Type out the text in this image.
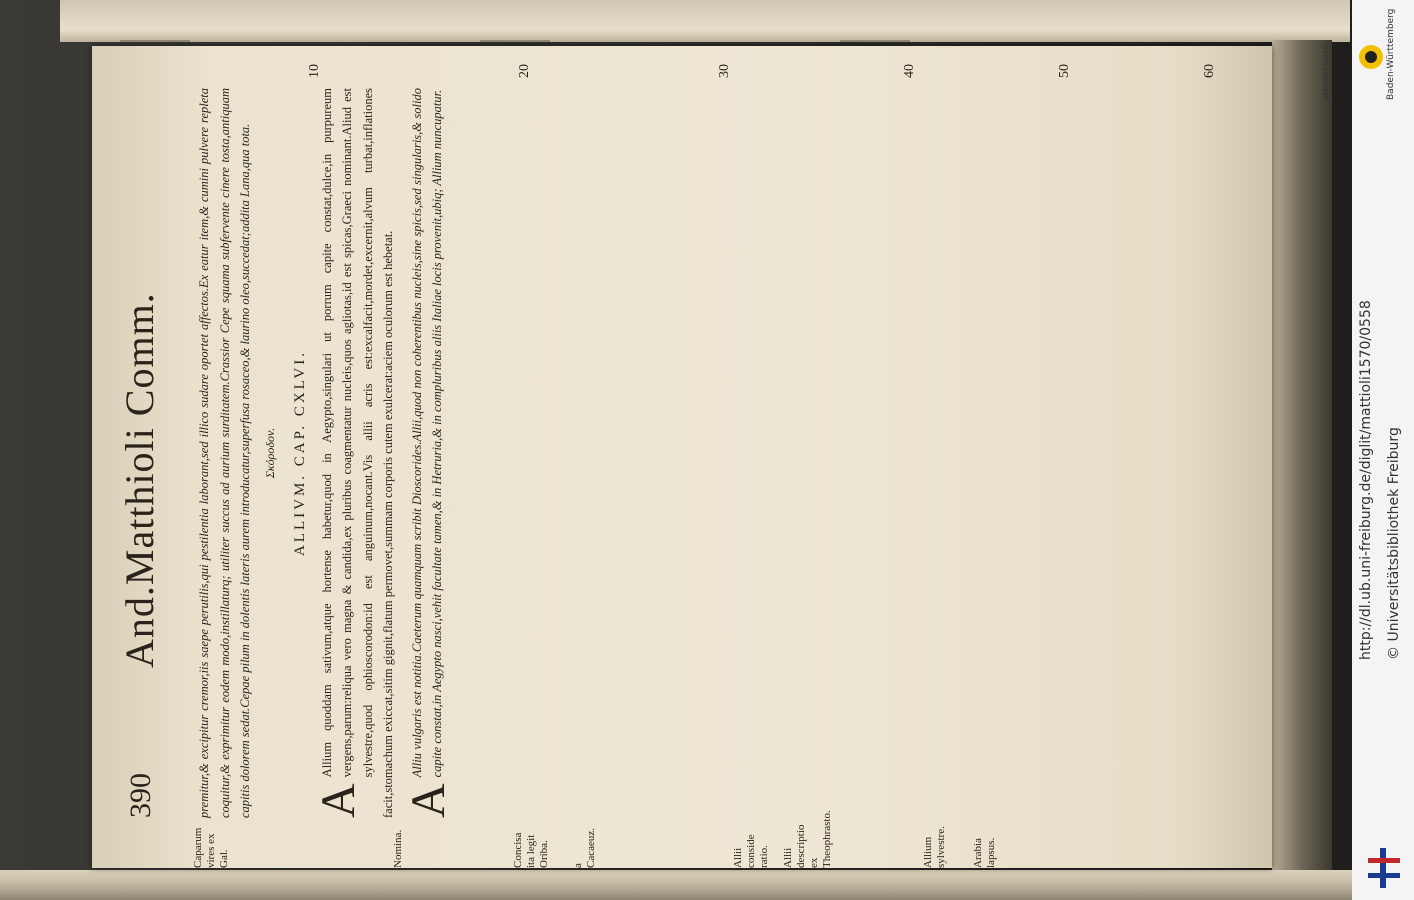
390
And.Matthioli Comm.	premitur,& excipitur cremor,iis saepe perutilis,qui pestilentia laborant,sed illico sudare oportet affectos.Ex eatur item,& cumini pulvere repleta coquitur,& exprimitur eodem modo,instillaturq; utiliter succus ad aurium surditatem.Crassior Cepe squama subfervente cinere tosta,antiquam capitis dolorem sedat.Cepae pilum in dolentis lateris aurem introducatur,superfusa rosaceo,& laurino oleo,succedat;addita Lana,qua tota. Σκόροδον. ALLIVM. CAP. CXLVI.

A
Allium quoddam sativum,atque hortense habetur,quod in Aegypto,singulari ut porrum capite constat,dulce,in purpureum vergens,parum:reliqua vero magna & candida,ex pluribus coagmentatur nucleis,quos agliotas,id est spicas,Graeci nominant.Aliud est sylvestre,quod ophioscorodon:id est anguinum,nocant.Vis allii acris est:excalfacit,mordet,excernit,alvum turbat,inflationes facit,stomachum exiccat,sitim gignit,flatum permovet,summam corporis cutem exulcerat:aciem oculorum est hebetat. A
Alliu vulgaris est notitia.Caeterum quamquam scribit Dioscorides.Allii,quod non coherentibus nucleis,sine spicis,sed singularis,& solido capite constat,in Aegypto nasci,vehit facultate tamen,& in Hetruria,& in compluribus aliis Italiae locis provenit,ubiq; Allium nuncupatur.

10	20	30	40	50	60
Caparum vires ex Gal.	Nomina.	Concisa ita legit Oriba. a Cacaeuz.	Allii conside ratio. Allii descriptio ex Theophrasto.	Allium sylvestre. Arabia lapsus.
http://dl.ub.uni-freiburg.de/diglit/mattioli1570/0558 © Universitätsbibliothek Freiburg
gefördert durch	Baden-Württemberg
